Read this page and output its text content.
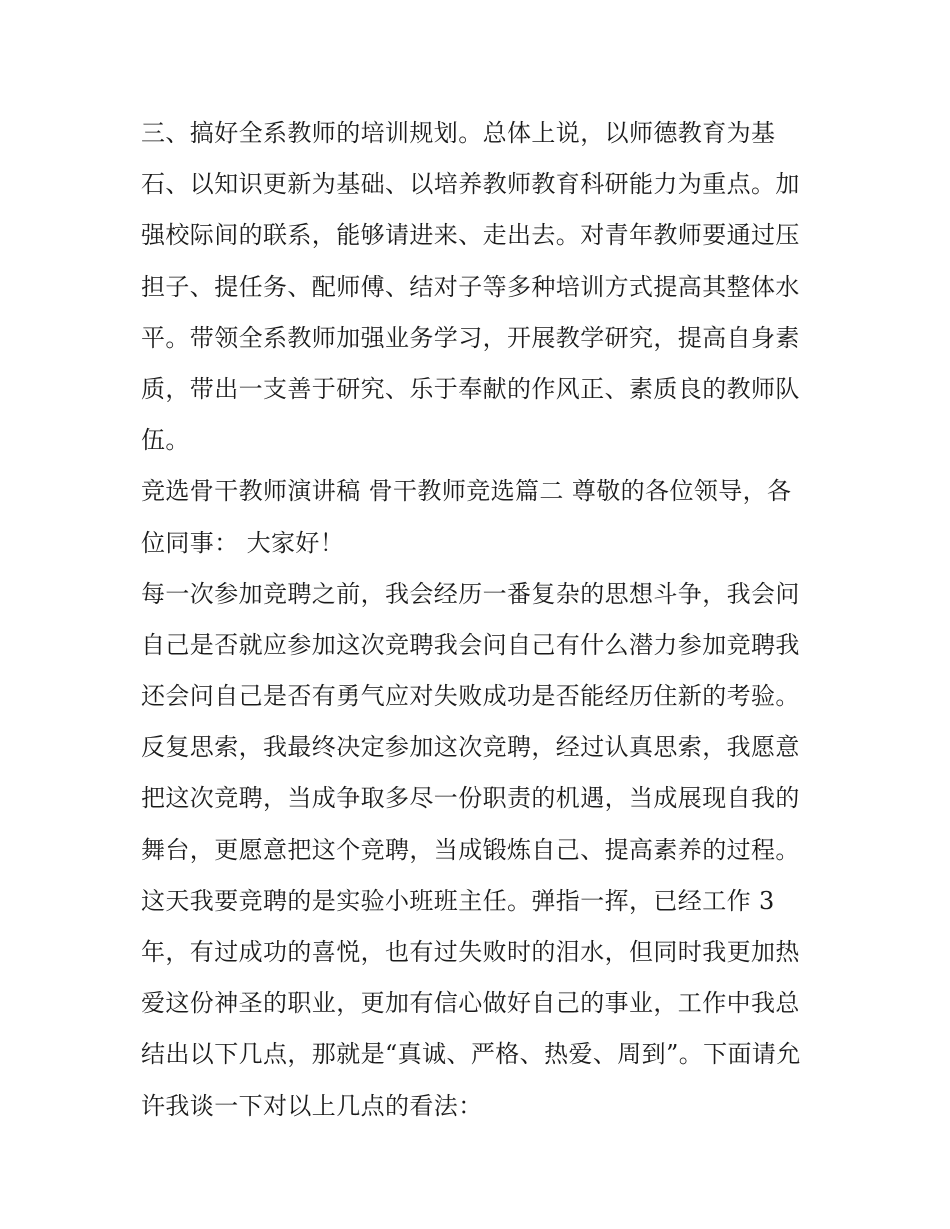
三、搞好全系教师的培训规划。总体上说，以师德教育为基
石、以知识更新为基础、以培养教师教育科研能力为重点。加
强校际间的联系，能够请进来、走出去。对青年教师要通过压
担子、提任务、配师傅、结对子等多种培训方式提高其整体水
平。带领全系教师加强业务学习，开展教学研究，提高自身素
质，带出一支善于研究、乐于奉献的作风正、素质良的教师队
伍。
竞选骨干教师演讲稿 骨干教师竞选篇二 尊敬的各位领导，各
位同事： 大家好！
每一次参加竞聘之前，我会经历一番复杂的思想斗争，我会问
自己是否就应参加这次竞聘我会问自己有什么潜力参加竞聘我
还会问自己是否有勇气应对失败成功是否能经历住新的考验。
反复思索，我最终决定参加这次竞聘，经过认真思索，我愿意
把这次竞聘，当成争取多尽一份职责的机遇，当成展现自我的
舞台，更愿意把这个竞聘，当成锻炼自己、提高素养的过程。
这天我要竞聘的是实验小班班主任。弹指一挥，已经工作 3
年，有过成功的喜悦，也有过失败时的泪水，但同时我更加热
爱这份神圣的职业，更加有信心做好自己的事业，工作中我总
结出以下几点，那就是“真诚、严格、热爱、周到”。下面请允
许我谈一下对以上几点的看法：
